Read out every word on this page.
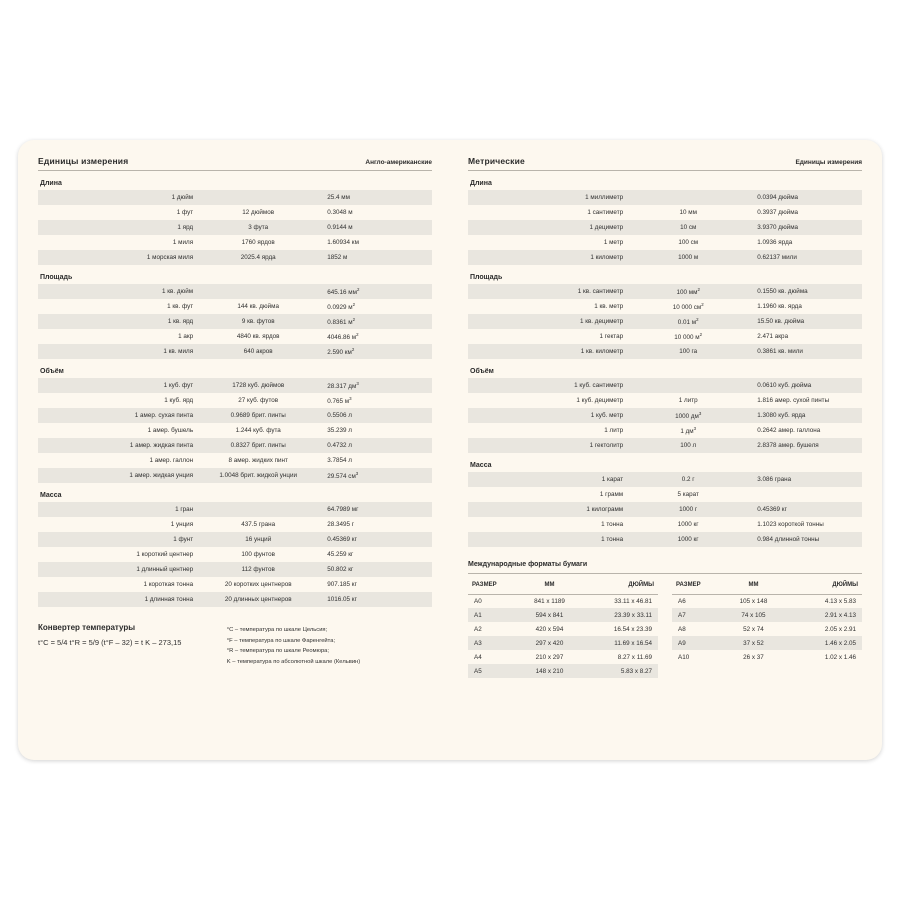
Единицы измерения	Англо-американские
Длина
1 дюйм		25.4 мм
1 фут	12 дюймов	0.3048 м
1 ярд	3 фута	0.9144 м
1 миля	1760 ярдов	1.60934 км
1 морская миля	2025.4 ярда	1852 м
Площадь
1 кв. дюйм		645.16 $мм^2$
1 кв. фут	144 кв. дюйма	0.0929 $м^2$
1 кв. ярд	9 кв. футов	0.8361 $м^2$
1 акр	4840 кв. ярдов	4046.86 $м^2$
1 кв. миля	640 акров	2.590 $км^2$
Объём
1 куб. фут	1728 куб. дюймов	28.317 $дм^3$
1 куб. ярд	27 куб. футов	0.765 $м^3$
1 амер. сухая пинта	0.9689 брит. пинты	0.5506 л
1 амер. бушель	1.244 куб. фута	35.239 л
1 амер. жидкая пинта	0.8327 брит. пинты	0.4732 л
1 амер. галлон	8 амер. жидких пинт	3.7854 л
1 амер. жидкая унция	1.0048 брит. жидкой унции	29.574 $см^3$
Масса
1 гран		64.7989 мг
1 унция	437.5 грана	28.3495 г
1 фунт	16 унций	0.45369 кг
1 короткий центнер	100 фунтов	45.259 кг
1 длинный центнер	112 фунтов	50.802 кг
1 короткая тонна	20 коротких центнеров	907.185 кг
1 длинная тонна	20 длинных центнеров	1016.05 кг
Конвертер температуры
t°C = 5/4 t°R = 5/9 (t°F – 32) = t K – 273,15
°C – температура по шкале Цельсия;
°F – температура по шкале Фаренгейта;
°R – температура по шкале Реомюра;
K – температура по абсолютной шкале (Кельвин)
Метрические	Единицы измерения
Длина
1 миллиметр		0.0394 дюйма
1 сантиметр	10 мм	0.3937 дюйма
1 дециметр	10 см	3.9370 дюйма
1 метр	100 см	1.0936 ярда
1 километр	1000 м	0.62137 мили
Площадь
1 кв. сантиметр	100 $мм^2$	0.1550 кв. дюйма
1 кв. метр	10 000 $см^2$	1.1960 кв. ярда
1 кв. дециметр	0.01 $м^2$	15.50 кв. дюйма
1 гектар	10 000 $м^2$	2.471 акра
1 кв. километр	100 га	0.3861 кв. мили
Объём
1 куб. сантиметр		0.0610 куб. дюйма
1 куб. дециметр	1 литр	1.816 амер. сухой пинты
1 куб. метр	1000 $дм^3$	1.3080 куб. ярда
1 литр	1 $дм^3$	0.2642 амер. галлона
1 гектолитр	100 л	2.8378 амер. бушеля
Масса
1 карат	0.2 г	3.086 грана
1 грамм	5 карат	
1 килограмм	1000 г	0.45369 кг
1 тонна	1000 кг	1.1023 короткой тонны
1 тонна	1000 кг	0.984 длинной тонны
Международные форматы бумаги
РАЗМЕР	ММ	ДЮЙМЫ
A0	841 x 1189	33.11 x 46.81
A1	594 x 841	23.39 x 33.11
A2	420 x 594	16.54 x 23.39
A3	297 x 420	11.69 x 16.54
A4	210 x 297	8.27 x 11.69
A5	148 x 210	5.83 x 8.27
РАЗМЕР	ММ	ДЮЙМЫ
A6	105 x 148	4.13 x 5.83
A7	74 x 105	2.91 x 4.13
A8	52 x 74	2.05 x 2.91
A9	37 x 52	1.46 x 2.05
A10	26 x 37	1.02 x 1.46
